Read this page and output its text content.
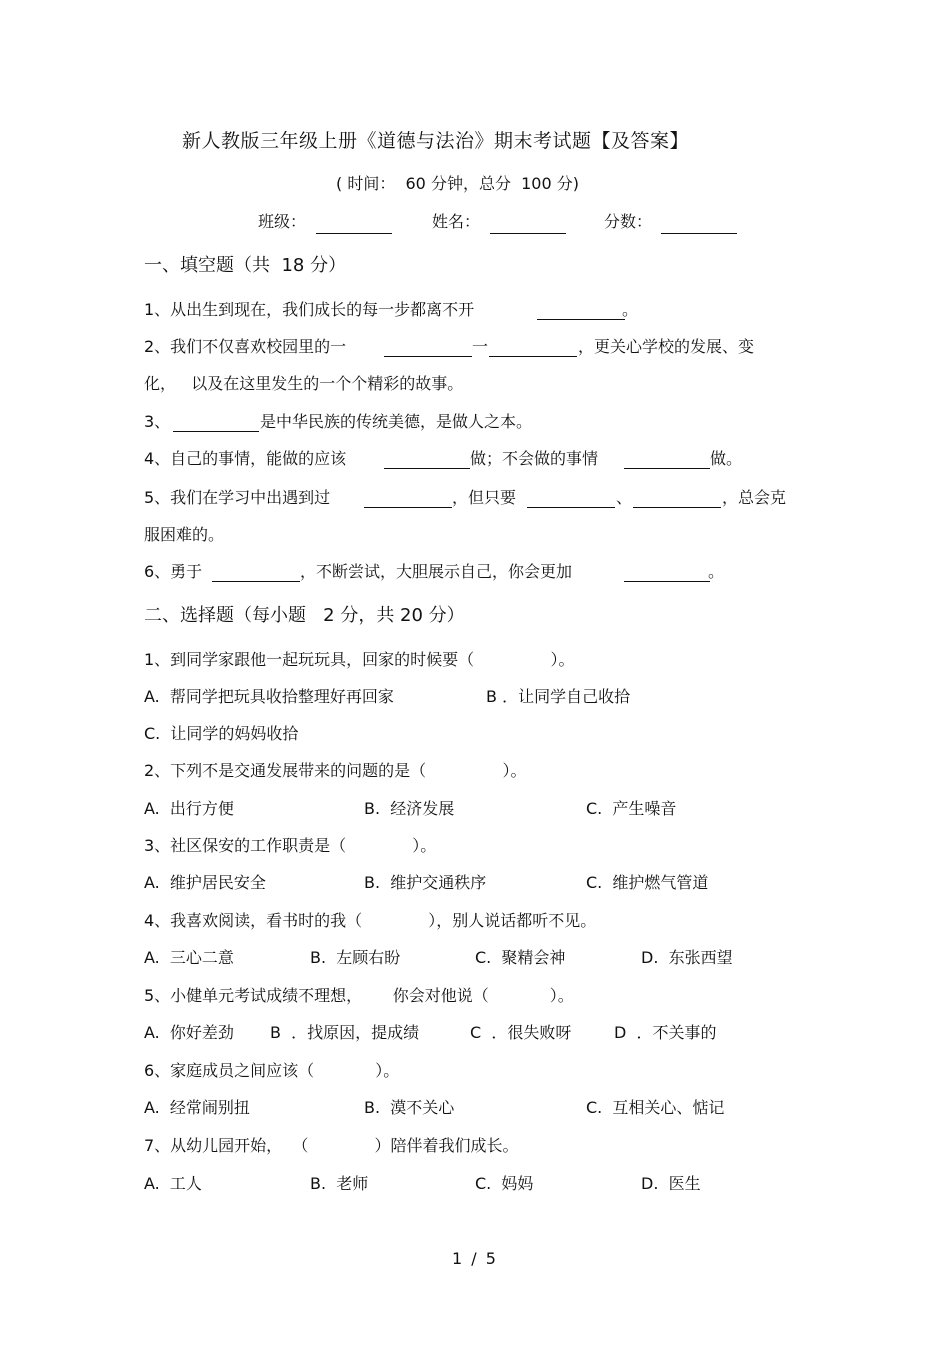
新人教版三年级上册《道德与法治》期末考试题【及答案】
( 时间：  60 分钟，总分  100 分)
班级：	姓名：	分数：
一、填空题（共  18 分）
1、从出生到现在，我们成长的每一步都离不开	。
2、我们不仅喜欢校园里的一	一	，更关心学校的发展、变
化，   以及在这里发生的一个个精彩的故事。
3、	是中华民族的传统美德，是做人之本。
4、自己的事情，能做的应该	做；不会做的事情	做。
5、我们在学习中出遇到过	，但只要	、	，总会克
服困难的。
6、勇于	，不断尝试，大胆展示自己，你会更加	。
二、选择题（每小题   2 分，共 20 分）
1、到同学家跟他一起玩玩具，回家的时候要（               ）。
A.  帮同学把玩具收拾整理好再回家	B ．让同学自己收拾
C.  让同学的妈妈收拾
2、下列不是交通发展带来的问题的是（               ）。
A.  出行方便	B.  经济发展	C.  产生噪音
3、社区保安的工作职责是（             ）。
A.  维护居民安全	B.  维护交通秩序	C.  维护燃气管道
4、我喜欢阅读，看书时的我（             ），别人说话都听不见。
A.  三心二意	B.  左顾右盼	C.  聚精会神	D.  东张西望
5、小健单元考试成绩不理想，      你会对他说（            ）。
A.  你好差劲 B  ．找原因，提成绩	C  ．很失败呀	D  ．不关事的
6、家庭成员之间应该（            ）。
A.  经常闹别扭	B.  漠不关心	C.  互相关心、惦记
7、从幼儿园开始，  （             ）陪伴着我们成长。
A.  工人	B.  老师	C.  妈妈	D.  医生
1 / 5
